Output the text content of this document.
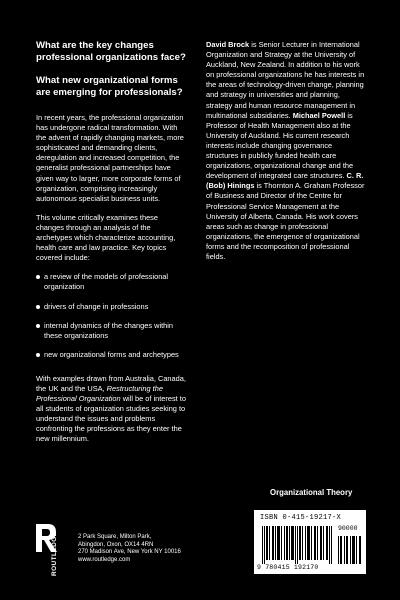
What are the key changes professional organizations face?

What new organizational forms are emerging for professionals?

In recent years, the professional organization has undergone radical transformation. With the advent of rapidly changing markets, more sophisticated and demanding clients, deregulation and increased competition, the generalist professional partnerships have given way to larger, more corporate forms of organization, comprising increasingly autonomous specialist business units.

This volume critically examines these changes through an analysis of the archetypes which characterize accounting, health care and law practice. Key topics covered include:

a review of the models of professional organization
drivers of change in professions
internal dynamics of the changes within these organizations
new organizational forms and archetypes

With examples drawn from Australia, Canada, the UK and the USA, Restructuring the Professional Organization will be of interest to all students of organization studies seeking to understand the issues and problems confronting the professions as they enter the new millennium.

David Brock is Senior Lecturer in International Organization and Strategy at the University of Auckland, New Zealand. In addition to his work on professional organizations he has interests in the areas of technology-driven change, planning and strategy in universities and planning, strategy and human resource management in multinational subsidiaries. Michael Powell is Professor of Health Management also at the University of Auckland. His current research interests include changing governance structures in publicly funded health care organizations, organizational change and the development of integrated care structures. C. R. (Bob) Hinings is Thornton A. Graham Professor of Business and Director of the Centre for Professional Service Management at the University of Alberta, Canada. His work covers areas such as change in professional organizations, the emergence of organizational forms and the recomposition of professional fields.

Organizational Theory
ISBN 0-415-19217-X
90000
9 780415 192170
ROUTLEDGE	2 Park Square, Milton Park,
Abingdon, Oxon, OX14 4RN
270 Madison Ave, New York NY 10016
www.routledge.com
